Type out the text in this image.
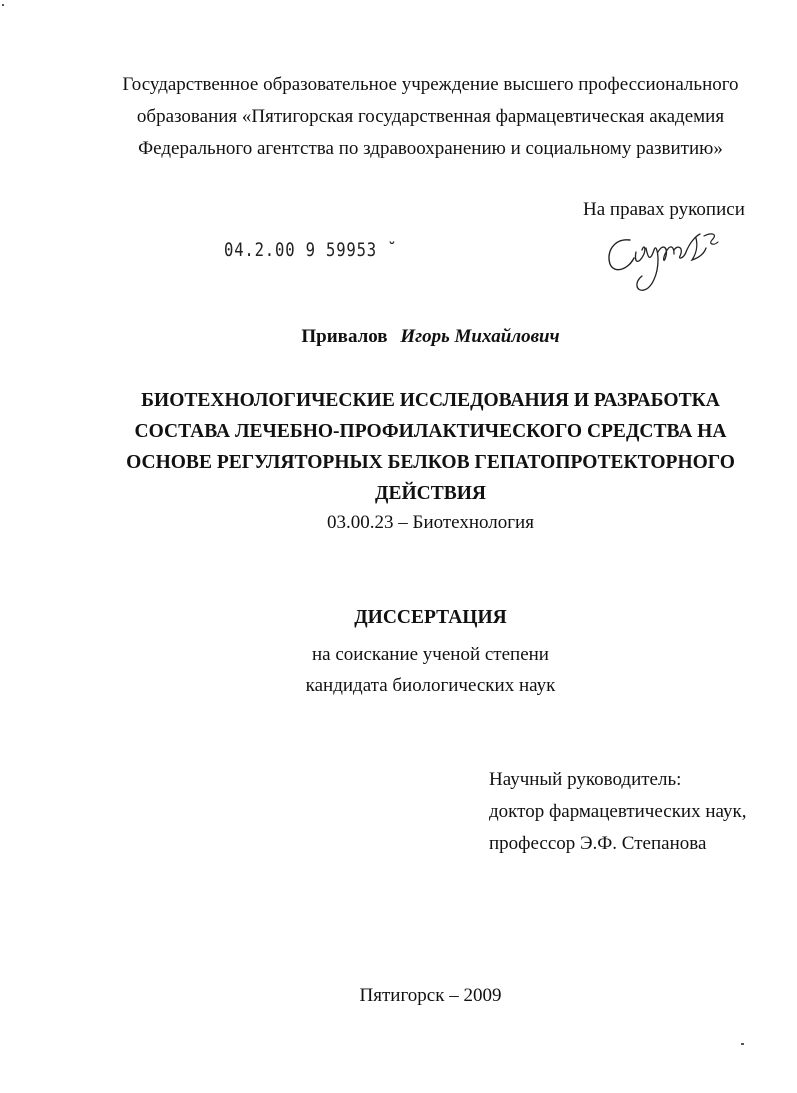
Государственное образовательное учреждение высшего профессионального
образования «Пятигорская государственная фармацевтическая академия
Федерального агентства по здравоохранению и социальному развитию»
На правах рукописи
04.2.00 9 59953 ˘
Привалов Игорь Михайлович
БИОТЕХНОЛОГИЧЕСКИЕ ИССЛЕДОВАНИЯ И РАЗРАБОТКА
СОСТАВА ЛЕЧЕБНО-ПРОФИЛАКТИЧЕСКОГО СРЕДСТВА НА
ОСНОВЕ РЕГУЛЯТОРНЫХ БЕЛКОВ ГЕПАТОПРОТЕКТОРНОГО
ДЕЙСТВИЯ
03.00.23 – Биотехнология
ДИССЕРТАЦИЯ
на соискание ученой степени
кандидата биологических наук
Научный руководитель:
доктор фармацевтических наук,
профессор Э.Ф. Степанова
Пятигорск – 2009
